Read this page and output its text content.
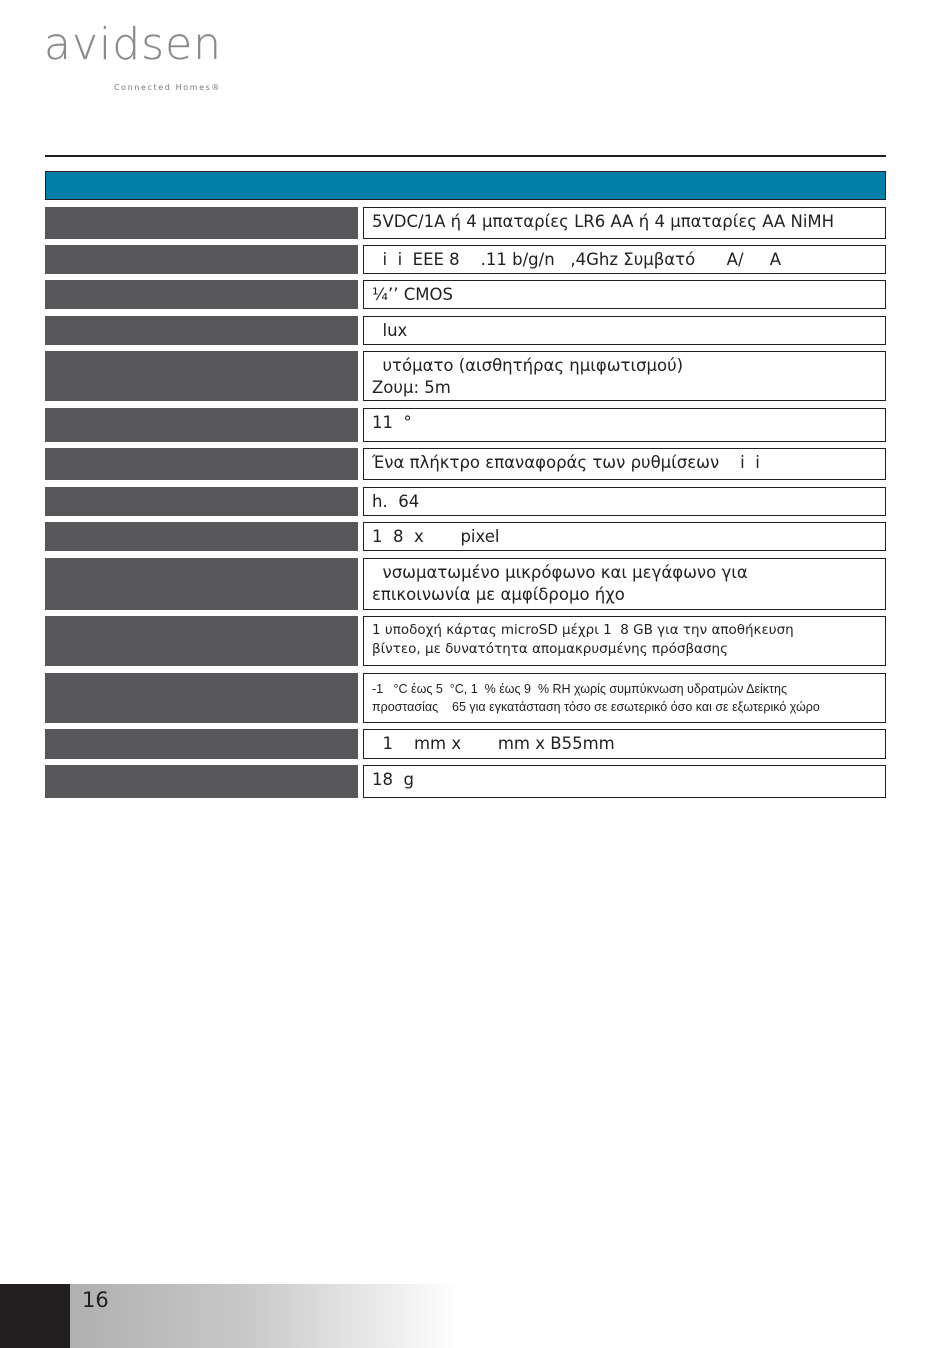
avidsen
Connected Homes®
5VDC/1A ή 4 μπαταρίες LR6 AA ή 4 μπαταρίες AA NiMH
i  i  EEE 8    .11 b/g/n   ,4Ghz Συμβατό      A/     A
¼’’ CMOS
lux
υτόματο (αισθητήρας ημιφωτισμού)
Ζουμ: 5m
11  °
Ένα πλήκτρο επαναφοράς των ρυθμίσεων    i  i
h.  64
1  8  x       pixel
νσωματωμένο μικρόφωνο και μεγάφωνο για
επικοινωνία με αμφίδρομο ήχο
1 υποδοχή κάρτας microSD μέχρι 1  8 GB για την αποθήκευση
βίντεο, με δυνατότητα απομακρυσμένης πρόσβασης
-1   °C έως 5  °C, 1  % έως 9  % RH χωρίς συμπύκνωση υδρατμών Δείκτης
προστασίας    65 για εγκατάσταση τόσο σε εσωτερικό όσο και σε εξωτερικό χώρο
1    mm x       mm x B55mm
18  g
16
